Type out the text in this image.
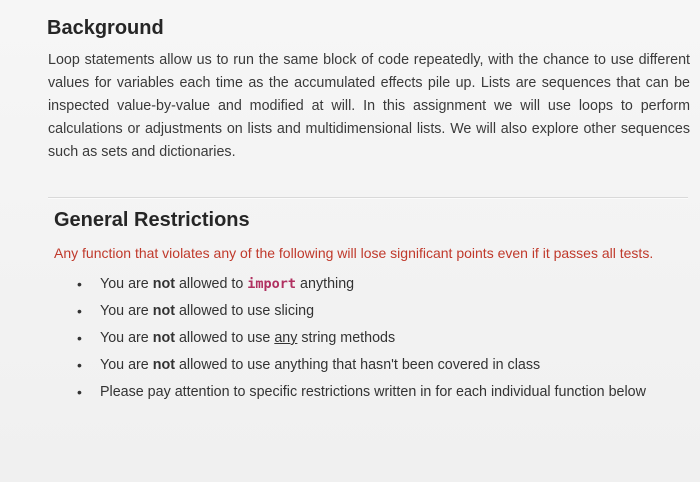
Background

Loop statements allow us to run the same block of code repeatedly, with the chance to use different values for variables each time as the accumulated effects pile up. Lists are sequences that can be inspected value-by-value and modified at will. In this assignment we will use loops to perform calculations or adjustments on lists and multidimensional lists. We will also explore other sequences such as sets and dictionaries.

General Restrictions

Any function that violates any of the following will lose significant points even if it passes all tests.

• You are not allowed to import anything
• You are not allowed to use slicing
• You are not allowed to use any string methods
• You are not allowed to use anything that hasn't been covered in class
• Please pay attention to specific restrictions written in for each individual function below
